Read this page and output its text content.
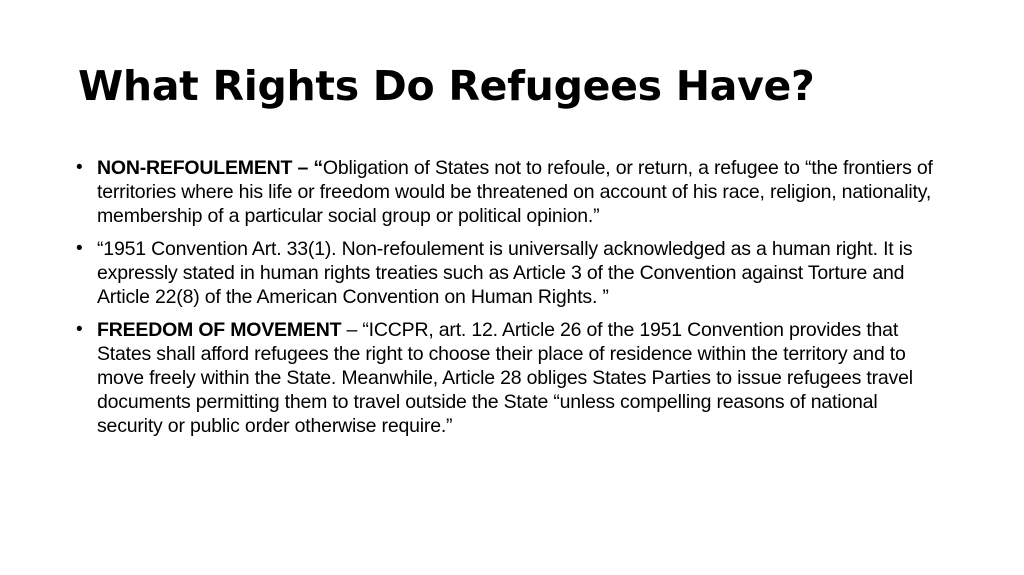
What Rights Do Refugees Have?
• NON-REFOULEMENT – “Obligation of States not to refoule, or return, a refugee to “the frontiers of territories where his life or freedom would be threatened on account of his race, religion, nationality, membership of a particular social group or political opinion.”
• “1951 Convention Art. 33(1). Non-refoulement is universally acknowledged as a human right. It is expressly stated in human rights treaties such as Article 3 of the Convention against Torture and Article 22(8) of the American Convention on Human Rights. ”
• FREEDOM OF MOVEMENT – “ICCPR, art. 12. Article 26 of the 1951 Convention provides that States shall afford refugees the right to choose their place of residence within the territory and to move freely within the State. Meanwhile, Article 28 obliges States Parties to issue refugees travel documents permitting them to travel outside the State “unless compelling reasons of national security or public order otherwise require.”
